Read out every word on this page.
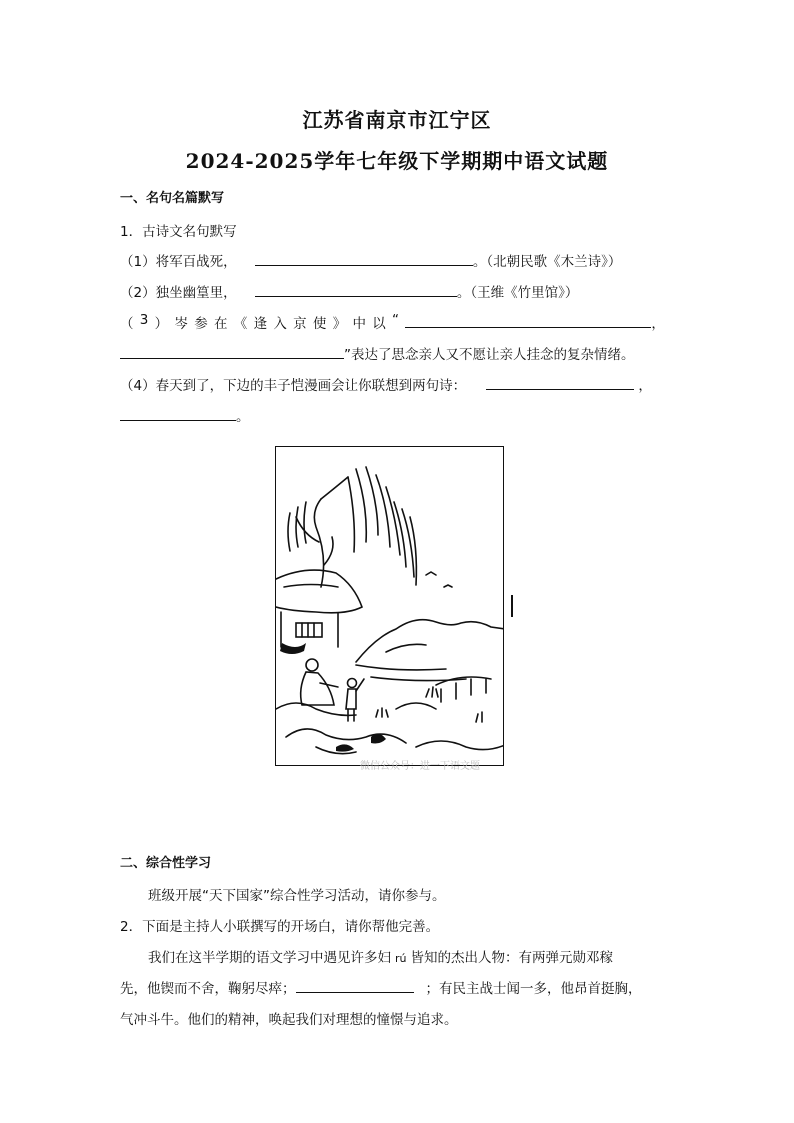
江苏省南京市江宁区
2024-2025学年七年级下学期期中语文试题
一、名句名篇默写
1．古诗文名句默写
（1）将军百战死，	。（北朝民歌《木兰诗》）
（2）独坐幽篁里，	。（王维《竹里馆》）
（ 3 ） 岑 参 在 《 逢 入 京 使 》 中 以 “	，
”表达了思念亲人又不愿让亲人挂念的复杂情绪。
（4）春天到了，下边的丰子恺漫画会让你联想到两句诗：	，
。
微信公众号：进一下语文题
二、综合性学习
班级开展“天下国家”综合性学习活动，请你参与。
2．下面是主持人小联撰写的开场白，请你帮他完善。
我们在这半学期的语文学习中遇见许多妇 rú 皆知的杰出人物：有两弹元勋邓稼
先，他锲而不舍，鞠躬尽瘁；	；有民主战士闻一多，他昂首挺胸，
气冲斗牛。他们的精神，唤起我们对理想的憧憬与追求。
